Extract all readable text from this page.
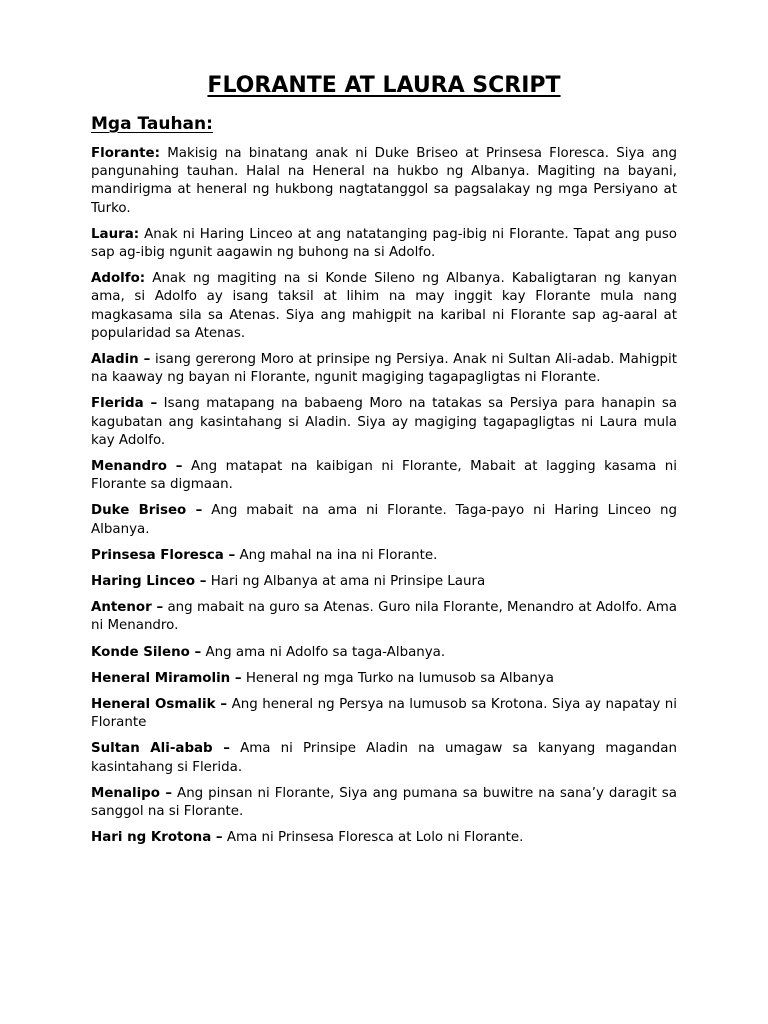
FLORANTE AT LAURA SCRIPT
Mga Tauhan:

Florante: Makisig na binatang anak ni Duke Briseo at Prinsesa Floresca. Siya ang pangunahing tauhan. Halal na Heneral na hukbo ng Albanya. Magiting na bayani, mandirigma at heneral ng hukbong nagtatanggol sa pagsalakay ng mga Persiyano at Turko.

Laura: Anak ni Haring Linceo at ang natatanging pag-ibig ni Florante. Tapat ang puso sap ag-ibig ngunit aagawin ng buhong na si Adolfo.

Adolfo: Anak ng magiting na si Konde Sileno ng Albanya. Kabaligtaran ng kanyan ama, si Adolfo ay isang taksil at lihim na may inggit kay Florante mula nang magkasama sila sa Atenas. Siya ang mahigpit na karibal ni Florante sap ag-aaral at popularidad sa Atenas.

Aladin – isang gererong Moro at prinsipe ng Persiya. Anak ni Sultan Ali-adab. Mahigpit na kaaway ng bayan ni Florante, ngunit magiging tagapagligtas ni Florante.

Flerida – Isang matapang na babaeng Moro na tatakas sa Persiya para hanapin sa kagubatan ang kasintahang si Aladin. Siya ay magiging tagapagligtas ni Laura mula kay Adolfo.

Menandro – Ang matapat na kaibigan ni Florante, Mabait at lagging kasama ni Florante sa digmaan.

Duke Briseo – Ang mabait na ama ni Florante. Taga-payo ni Haring Linceo ng Albanya.

Prinsesa Floresca – Ang mahal na ina ni Florante.

Haring Linceo – Hari ng Albanya at ama ni Prinsipe Laura

Antenor – ang mabait na guro sa Atenas. Guro nila Florante, Menandro at Adolfo. Ama ni Menandro.

Konde Sileno – Ang ama ni Adolfo sa taga-Albanya.

Heneral Miramolin – Heneral ng mga Turko na lumusob sa Albanya

Heneral Osmalik – Ang heneral ng Persya na lumusob sa Krotona. Siya ay napatay ni Florante

Sultan Ali-abab – Ama ni Prinsipe Aladin na umagaw sa kanyang magandan kasintahang si Flerida.

Menalipo – Ang pinsan ni Florante, Siya ang pumana sa buwitre na sana’y daragit sa sanggol na si Florante.

Hari ng Krotona – Ama ni Prinsesa Floresca at Lolo ni Florante.
